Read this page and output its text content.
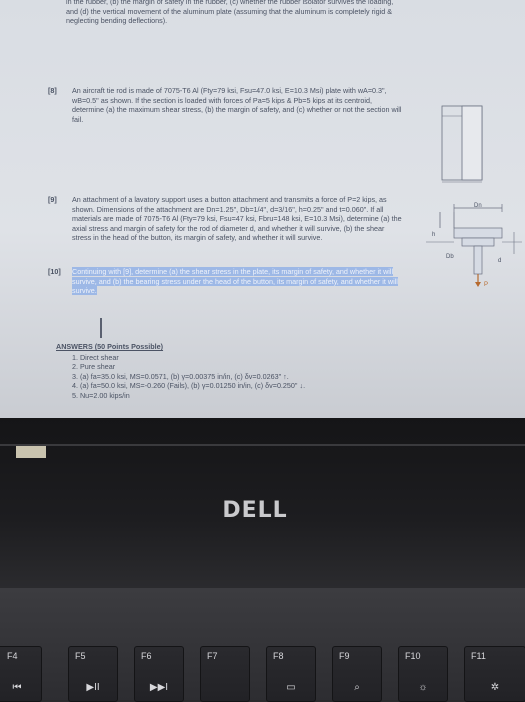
in the rubber, (b) the margin of safety in the rubber, (c) whether the rubber isolator survives the loading, and (d) the vertical movement of the aluminum plate (assuming that the aluminum is completely rigid & neglecting bending deflections).
[8] An aircraft tie rod is made of 7075-T6 Al (Fty=79 ksi, Fsu=47.0 ksi, E=10.3 Msi) plate with wA=0.3", wB=0.5" as shown. If the section is loaded with forces of Pa=5 kips & Pb=5 kips at its centroid, determine (a) the maximum shear stress, (b) the margin of safety, and (c) whether or not the section will fail.
[9] An attachment of a lavatory support uses a button attachment and transmits a force of P=2 kips, as shown. Dimensions of the attachment are Dn=1.25", Db=1/4", d=3/16", h=0.25" and t=0.060". If all materials are made of 7075-T6 Al (Fty=79 ksi, Fsu=47 ksi, Fbru=148 ksi, E=10.3 Msi), determine (a) the axial stress and margin of safety for the rod of diameter d, and whether it will survive, (b) the shear stress in the head of the button, its margin of safety, and whether it will survive.
Dn
h
Db
d
P
[10] Continuing with [9], determine (a) the shear stress in the plate, its margin of safety, and whether it will survive, and (b) the bearing stress under the head of the button, its margin of safety, and whether it will survive.
ANSWERS (50 Points Possible)
1. Direct shear
2. Pure shear
3. (a) fa=35.0 ksi, MS=0.0571, (b) γ=0.00375 in/in, (c) δv=0.0263" ↑.
4. (a) fa=50.0 ksi, MS=-0.260 (Fails), (b) γ=0.01250 in/in, (c) δv=0.250" ↓.
5. Nu=2.00 kips/in
DELL
F4
⏮
F5
▶II
F6
▶▶I
F7	F8
▭
F9
⌕
F10
☼
F11
✲
